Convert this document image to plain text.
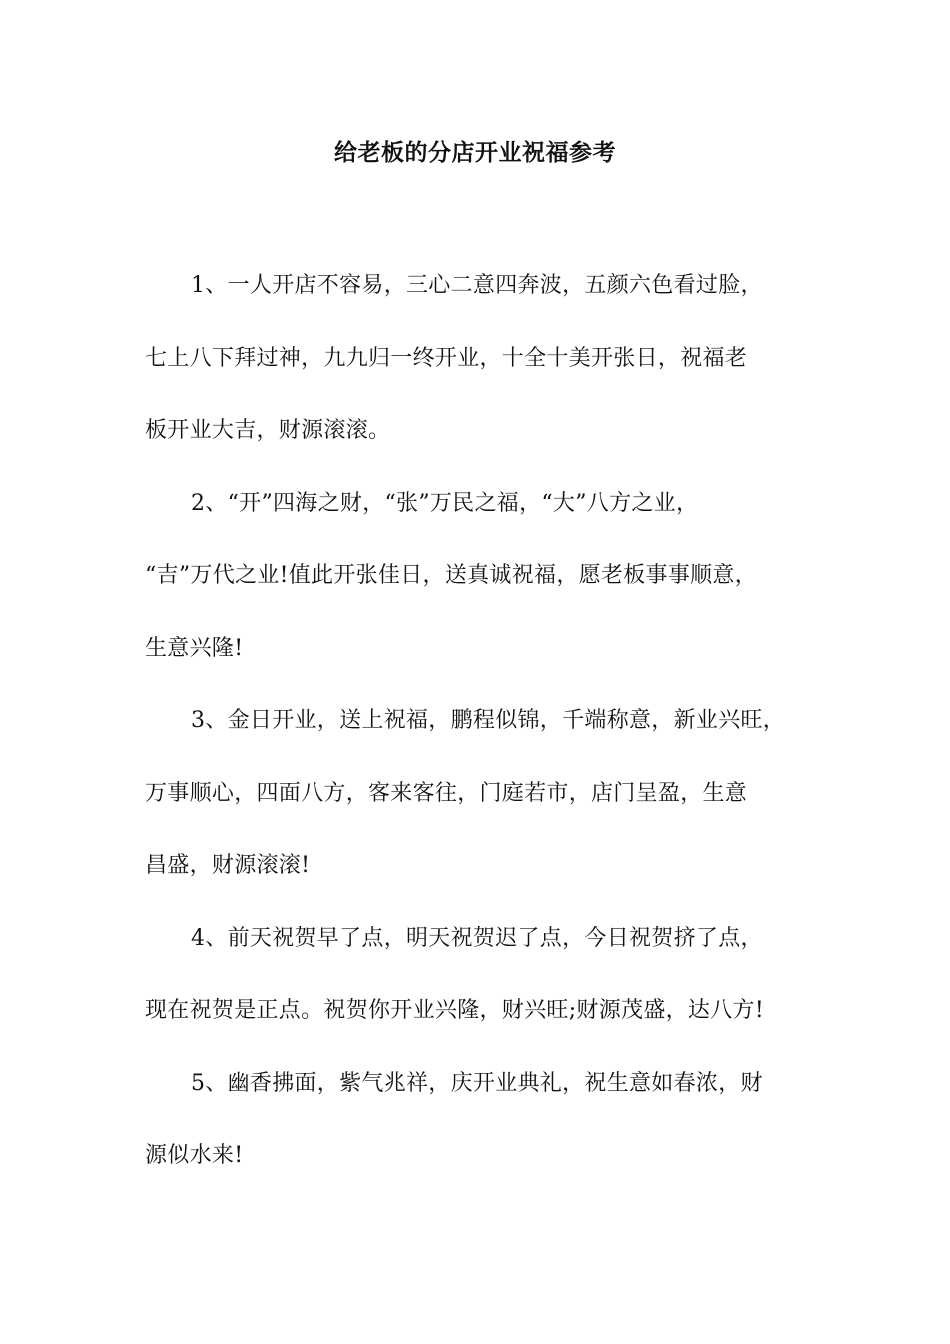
给老板的分店开业祝福参考
1、一人开店不容易，三心二意四奔波，五颜六色看过脸，
七上八下拜过神，九九归一终开业，十全十美开张日，祝福老
板开业大吉，财源滚滚。
2、“开”四海之财，“张”万民之福，“大”八方之业，
“吉”万代之业!值此开张佳日，送真诚祝福，愿老板事事顺意，
生意兴隆!
3、金日开业，送上祝福，鹏程似锦，千端称意，新业兴旺，
万事顺心，四面八方，客来客往，门庭若市，店门呈盈，生意
昌盛，财源滚滚!
4、前天祝贺早了点，明天祝贺迟了点，今日祝贺挤了点，
现在祝贺是正点。祝贺你开业兴隆，财兴旺;财源茂盛，达八方!
5、幽香拂面，紫气兆祥，庆开业典礼，祝生意如春浓，财
源似水来!
